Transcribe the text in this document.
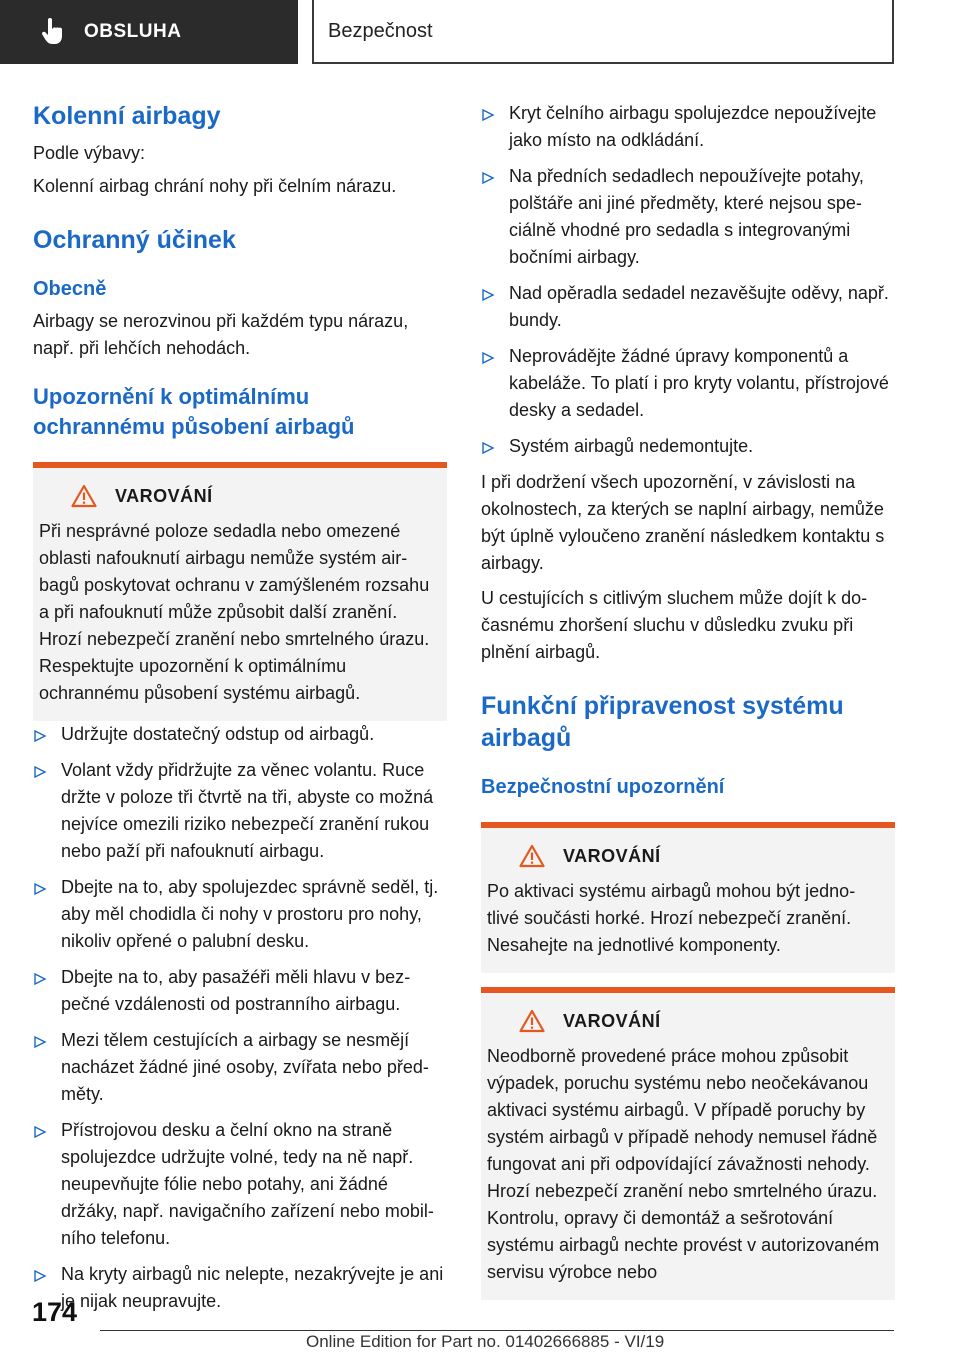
OBSLUHA	Bezpečnost
Kolenní airbagy

Podle výbavy:

Kolenní airbag chrání nohy při čelním nárazu.

Ochranný účinek
Obecně

Airbagy se nerozvinou při každém typu nárazu, např. při lehčích nehodách.

Upozornění k optimálnímu ochrannému působení airbagů
VAROVÁNÍ

Při nesprávné poloze sedadla nebo omezené oblasti nafouknutí airbagu nemůže systém airbagů poskytovat ochranu v zamýšleném rozsahu a při nafouknutí může způsobit další zranění. Hrozí nebezpečí zranění nebo smrtelného úrazu. Respektujte upozornění k optimálnímu ochrannému působení systému airbagů.

Udržujte dostatečný odstup od airbagů.
Volant vždy přidržujte za věnec volantu. Ruce držte v poloze tři čtvrtě na tři, abyste co možná nejvíce omezili riziko nebezpečí zranění rukou nebo paží při nafouknutí airbagu.
Dbejte na to, aby spolujezdec správně seděl, tj. aby měl chodidla či nohy v prostoru pro nohy, nikoliv opřené o palubní desku.
Dbejte na to, aby pasažéři měli hlavu v bezpečné vzdálenosti od postranního airbagu.
Mezi tělem cestujících a airbagy se nesmějí nacházet žádné jiné osoby, zvířata nebo předměty.
Přístrojovou desku a čelní okno na straně spolujezdce udržujte volné, tedy na ně např. neupevňujte fólie nebo potahy, ani žádné držáky, např. navigačního zařízení nebo mobilního telefonu.
Na kryty airbagů nic nelepte, nezakrývejte je ani je nijak neupravujte.
Kryt čelního airbagu spolujezdce nepoužívejte jako místo na odkládání.
Na předních sedadlech nepoužívejte potahy, polštáře ani jiné předměty, které nejsou speciálně vhodné pro sedadla s integrovanými bočními airbagy.
Nad opěradla sedadel nezavěšujte oděvy, např. bundy.
Neprovádějte žádné úpravy komponentů a kabeláže. To platí i pro kryty volantu, přístrojové desky a sedadel.
Systém airbagů nedemontujte.

I při dodržení všech upozornění, v závislosti na okolnostech, za kterých se naplní airbagy, nemůže být úplně vyloučeno zranění následkem kontaktu s airbagy.

U cestujících s citlivým sluchem může dojít k dočasnému zhoršení sluchu v důsledku zvuku při plnění airbagů.

Funkční připravenost systému airbagů
Bezpečnostní upozornění
VAROVÁNÍ

Po aktivaci systému airbagů mohou být jednotlivé součásti horké. Hrozí nebezpečí zranění. Nesahejte na jednotlivé komponenty.

VAROVÁNÍ

Neodborně provedené práce mohou způsobit výpadek, poruchu systému nebo neočekávanou aktivaci systému airbagů. V případě poruchy by systém airbagů v případě nehody nemusel řádně fungovat ani při odpovídající závažnosti nehody. Hrozí nebezpečí zranění nebo smrtelného úrazu. Kontrolu, opravy či demontáž a sešrotování systému airbagů nechte provést v autorizovaném servisu výrobce nebo

174
Online Edition for Part no. 01402666885 - VI/19
